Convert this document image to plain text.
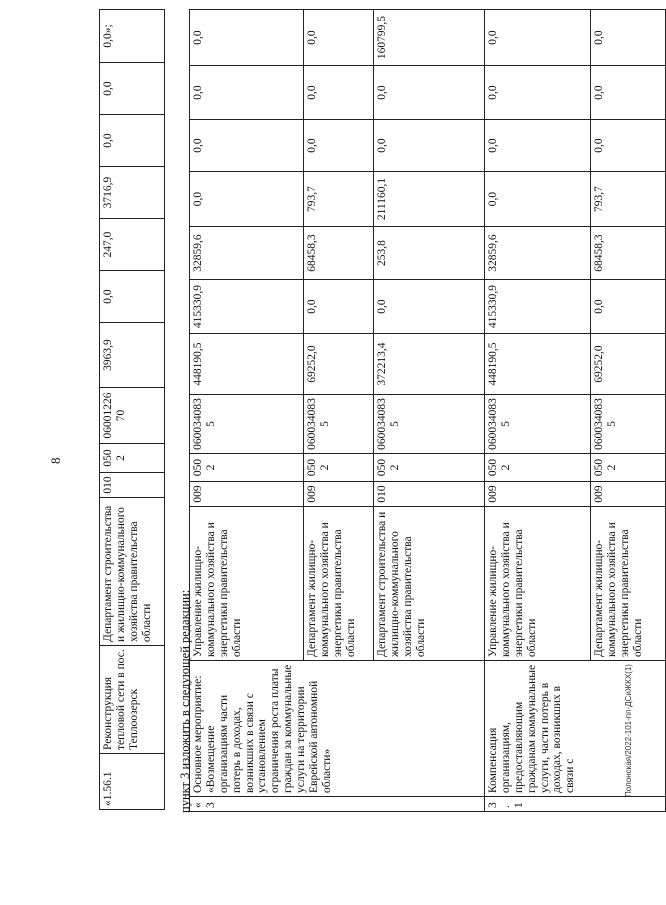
8
«1.56.1	Реконструкция тепловой сети в пос. Теплоозерск	Департамент строительства и жилищно-коммунального хозяйства правительства области	010	0502	0600122670	3963,9	0,0	247,0	3716,9	0,0	0,0	0,0»;
пункт 3 изложить в следующей редакции: «3	Основное мероприятие: «Возмещение организациям части потерь в доходах, возникших в связи с установлением ограничения роста платы граждан за коммунальные услуги на территории Еврейской автономной области»	Управление жилищно-коммунального хозяйства и энергетики правительства области	009	0502	0600340835	448190,5	415330,9	32859,6	0,0	0,0	0,0	0,0
		Департамент жилищно-коммунального хозяйства и энергетики правительства области	009	0502	0600340835	69252,0	0,0	68458,3	793,7	0,0	0,0	0,0
		Департамент строительства и жилищно-коммунального хозяйства правительства области	010	0502	0600340835	372213,4	0,0	253,8	211160,1	0,0	0,0	160799,5
3.1	Компенсация организациям, предоставляющим гражданам коммунальные услуги, части потерь в доходах, возникших в связи с	Управление жилищно-коммунального хозяйства и энергетики правительства области	009	0502	0600340835	448190,5	415330,9	32859,6	0,0	0,0	0,0	0,0
		Департамент жилищно-коммунального хозяйства и энергетики правительства области	009	0502	0600340835	69252,0	0,0	68458,3	793,7	0,0	0,0	0,0
Полонская/2022-101-пп-ДСиЖКХ(1)
